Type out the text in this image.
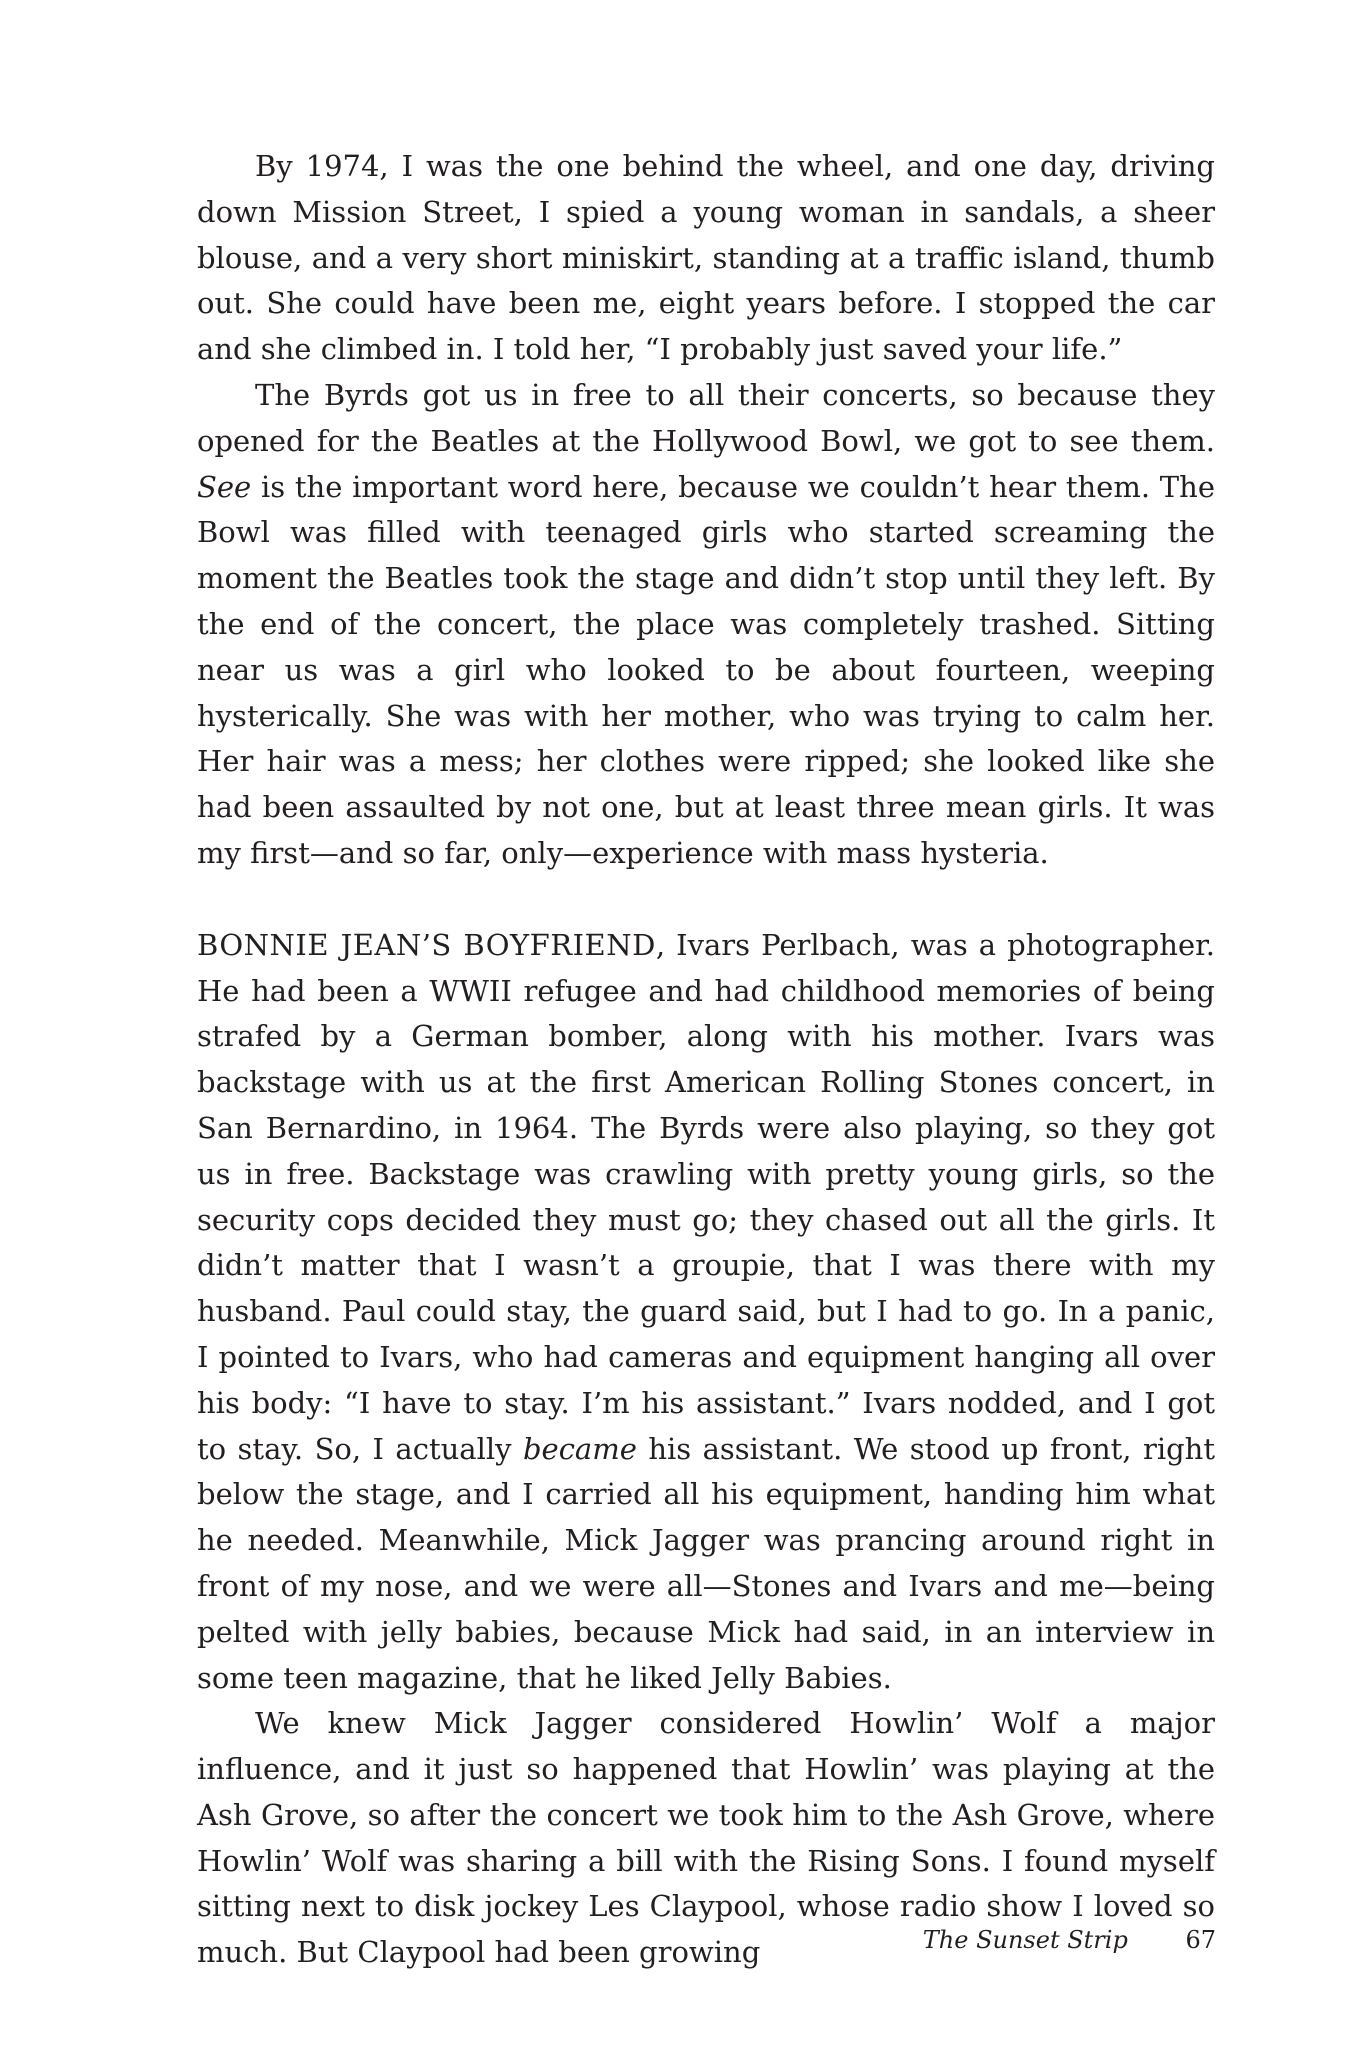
By 1974, I was the one behind the wheel, and one day, driving down Mission Street, I spied a young woman in sandals, a sheer blouse, and a very short miniskirt, standing at a traffic island, thumb out. She could have been me, eight years before. I stopped the car and she climbed in. I told her, “I probably just saved your life.”

The Byrds got us in free to all their concerts, so because they opened for the Beatles at the Hollywood Bowl, we got to see them. See is the important word here, because we couldn’t hear them. The Bowl was filled with teenaged girls who started screaming the moment the Beatles took the stage and didn’t stop until they left. By the end of the concert, the place was completely trashed. Sitting near us was a girl who looked to be about fourteen, weeping hysterically. She was with her mother, who was trying to calm her. Her hair was a mess; her clothes were ripped; she looked like she had been assaulted by not one, but at least three mean girls. It was my first—and so far, only—experience with mass hysteria.

BONNIE JEAN’S BOYFRIEND, Ivars Perlbach, was a photographer. He had been a WWII refugee and had childhood memories of being strafed by a German bomber, along with his mother. Ivars was backstage with us at the first American Rolling Stones concert, in San Bernardino, in 1964. The Byrds were also playing, so they got us in free. Backstage was crawling with pretty young girls, so the security cops decided they must go; they chased out all the girls. It didn’t matter that I wasn’t a groupie, that I was there with my husband. Paul could stay, the guard said, but I had to go. In a panic, I pointed to Ivars, who had cameras and equipment hanging all over his body: “I have to stay. I’m his assistant.” Ivars nodded, and I got to stay. So, I actually became his assistant. We stood up front, right below the stage, and I carried all his equipment, handing him what he needed. Meanwhile, Mick Jagger was prancing around right in front of my nose, and we were all—Stones and Ivars and me—being pelted with jelly babies, because Mick had said, in an interview in some teen magazine, that he liked Jelly Babies.

We knew Mick Jagger considered Howlin’ Wolf a major influence, and it just so happened that Howlin’ was playing at the Ash Grove, so after the concert we took him to the Ash Grove, where Howlin’ Wolf was sharing a bill with the Rising Sons. I found myself sitting next to disk jockey Les Claypool, whose radio show I loved so much. But Claypool had been growing	The Sunset Strip 67
